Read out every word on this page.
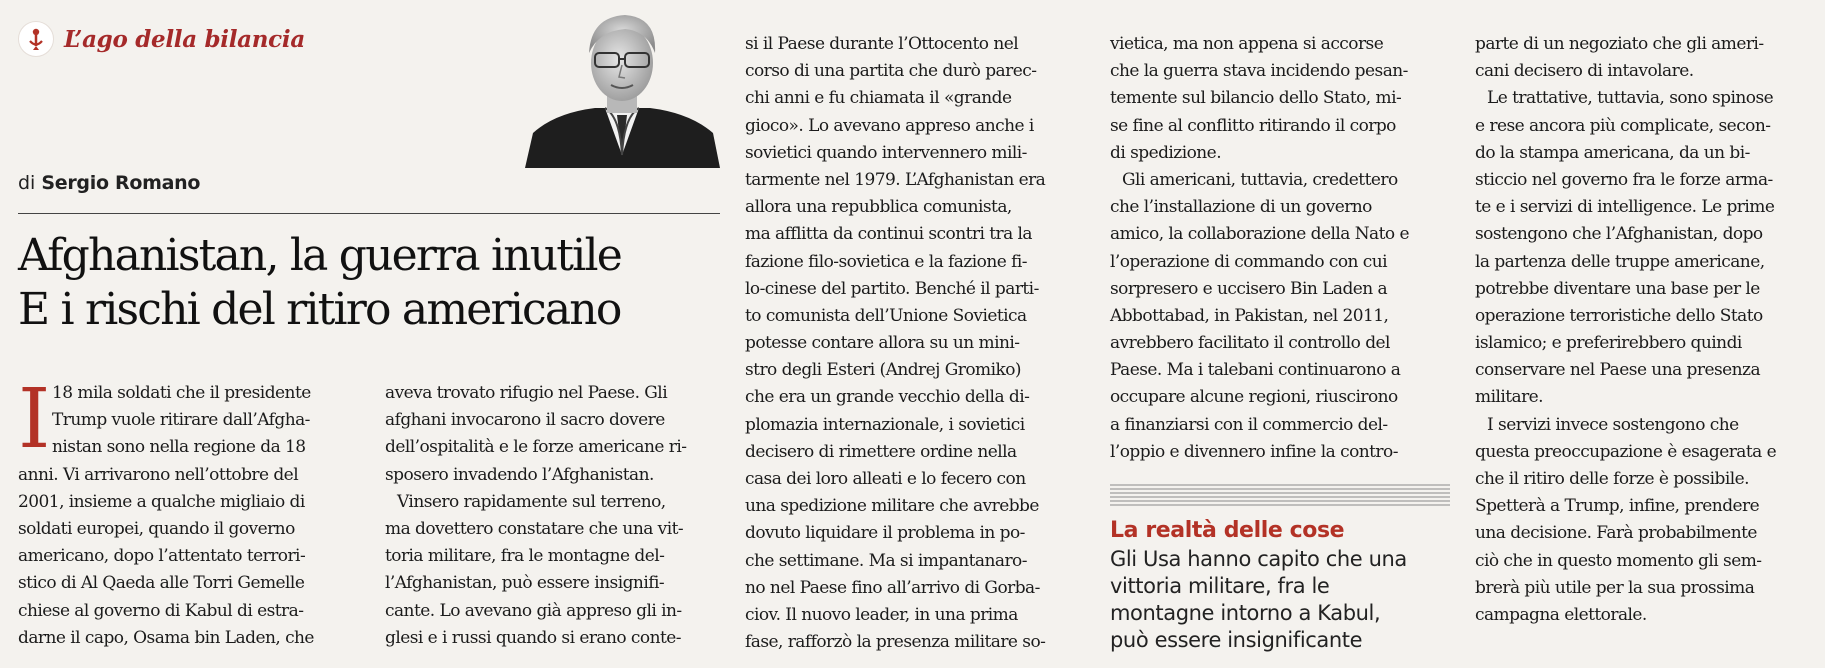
L’ago della bilancia
di Sergio Romano
Afghanistan, la guerra inutile
E i rischi del ritiro americano
I 18 mila soldati che il presidente
Trump vuole ritirare dall’Afgha-
nistan sono nella regione da 18
anni. Vi arrivarono nell’ottobre del
2001, insieme a qualche migliaio di
soldati europei, quando il governo
americano, dopo l’attentato terrori-
stico di Al Qaeda alle Torri Gemelle
chiese al governo di Kabul di estra-
darne il capo, Osama bin Laden, che
aveva trovato rifugio nel Paese. Gli
afghani invocarono il sacro dovere
dell’ospitalità e le forze americane ri-
sposero invadendo l’Afghanistan.
Vinsero rapidamente sul terreno,
ma dovettero constatare che una vit-
toria militare, fra le montagne del-
l’Afghanistan, può essere insignifi-
cante. Lo avevano già appreso gli in-
glesi e i russi quando si erano conte-
si il Paese durante l’Ottocento nel
corso di una partita che durò parec-
chi anni e fu chiamata il «grande
gioco». Lo avevano appreso anche i
sovietici quando intervennero mili-
tarmente nel 1979. L’Afghanistan era
allora una repubblica comunista,
ma afflitta da continui scontri tra la
fazione filo-sovietica e la fazione fi-
lo-cinese del partito. Benché il parti-
to comunista dell’Unione Sovietica
potesse contare allora su un mini-
stro degli Esteri (Andrej Gromiko)
che era un grande vecchio della di-
plomazia internazionale, i sovietici
decisero di rimettere ordine nella
casa dei loro alleati e lo fecero con
una spedizione militare che avrebbe
dovuto liquidare il problema in po-
che settimane. Ma si impantanaro-
no nel Paese fino all’arrivo di Gorba-
ciov. Il nuovo leader, in una prima
fase, rafforzò la presenza militare so-
vietica, ma non appena si accorse
che la guerra stava incidendo pesan-
temente sul bilancio dello Stato, mi-
se fine al conflitto ritirando il corpo
di spedizione.
Gli americani, tuttavia, credettero
che l’installazione di un governo
amico, la collaborazione della Nato e
l’operazione di commando con cui
sorpresero e uccisero Bin Laden a
Abbottabad, in Pakistan, nel 2011,
avrebbero facilitato il controllo del
Paese. Ma i talebani continuarono a
occupare alcune regioni, riuscirono
a finanziarsi con il commercio del-
l’oppio e divennero infine la contro-
La realtà delle cose
Gli Usa hanno capito che una
vittoria militare, fra le
montagne intorno a Kabul,
può essere insignificante
parte di un negoziato che gli ameri-
cani decisero di intavolare.
Le trattative, tuttavia, sono spinose
e rese ancora più complicate, secon-
do la stampa americana, da un bi-
sticcio nel governo fra le forze arma-
te e i servizi di intelligence. Le prime
sostengono che l’Afghanistan, dopo
la partenza delle truppe americane,
potrebbe diventare una base per le
operazione terroristiche dello Stato
islamico; e preferirebbero quindi
conservare nel Paese una presenza
militare.
I servizi invece sostengono che
questa preoccupazione è esagerata e
che il ritiro delle forze è possibile.
Spetterà a Trump, infine, prendere
una decisione. Farà probabilmente
ciò che in questo momento gli sem-
brerà più utile per la sua prossima
campagna elettorale.
